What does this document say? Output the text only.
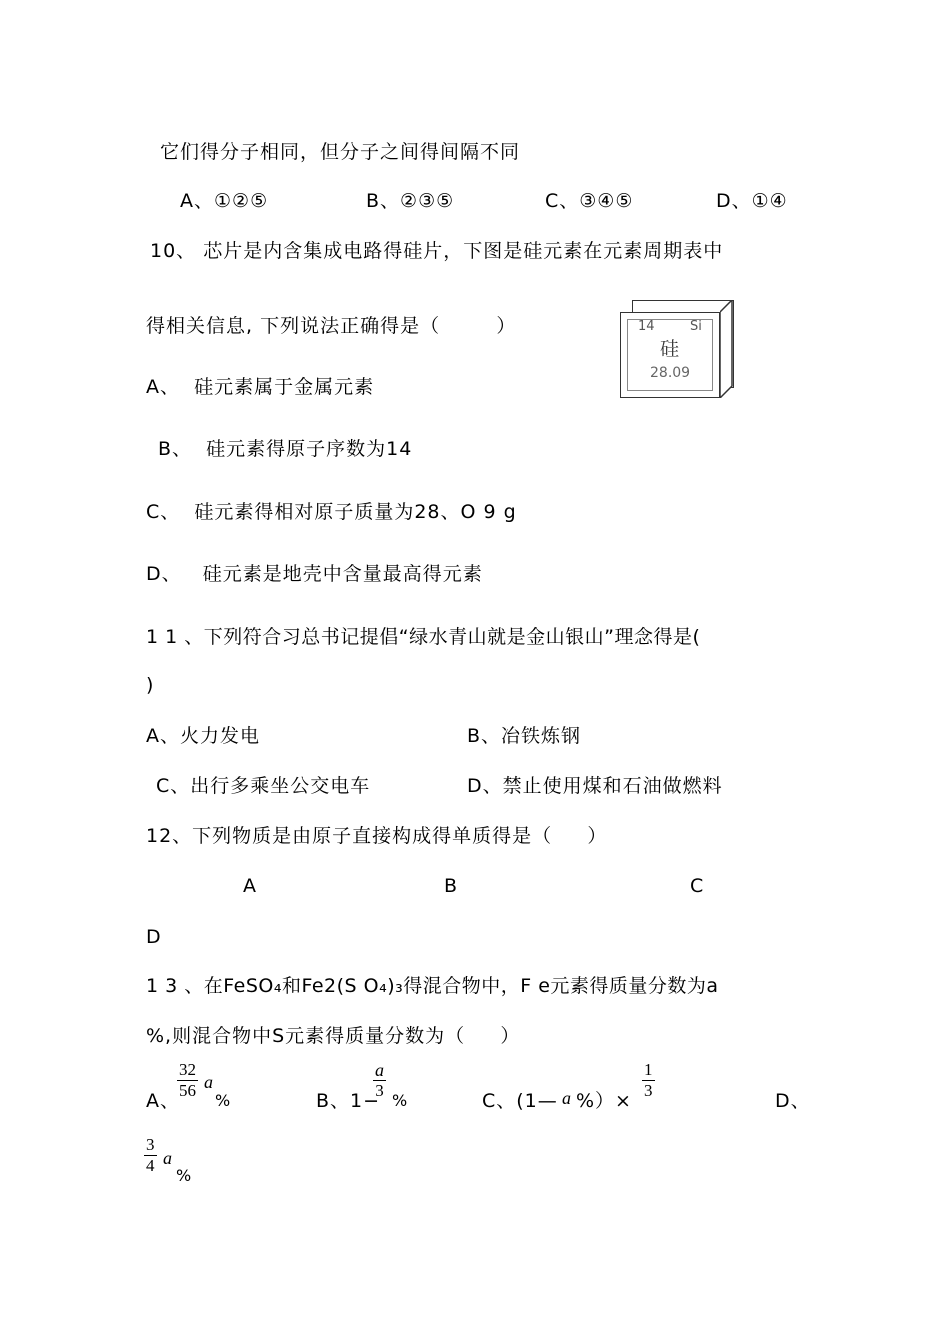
它们得分子相同，但分子之间得间隔不同
A、①②⑤	B、②③⑤	C、③④⑤	D、①④
10、 芯片是内含集成电路得硅片，下图是硅元素在元素周期表中
得相关信息, 下列说法正确得是（        ）	14	Si
硅
28.09
A、  硅元素属于金属元素
B、  硅元素得原子序数为14
C、  硅元素得相对原子质量为28、O 9 g
D、   硅元素是地壳中含量最高得元素
1 1 、下列符合习总书记提倡“绿水青山就是金山银山”理念得是(
)
A、火力发电	B、冶铁炼钢
C、出行多乘坐公交电车	D、禁止使用煤和石油做燃料
12、下列物质是由原子直接构成得单质得是（     ）
A	B	C
D
1 3 、在FeSO₄和Fe2(S O₄)₃得混合物中，F e元素得质量分数为a
%,则混合物中S元素得质量分数为（     ）
A、
32
56 a
%	B、1−
a
3
%	C、(1— a %）×
1
3	D、
3
4 a
%
